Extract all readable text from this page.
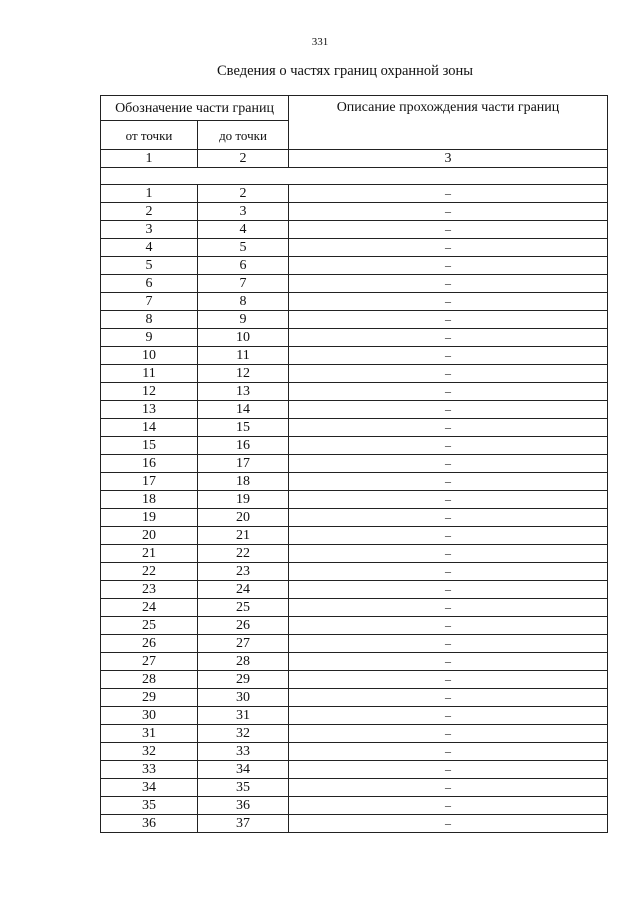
331
Сведения о частях границ охранной зоны
Обозначение части границ		Описание прохождения части границ
от точки	до точки	
1	2	3

1	2	–
2	3	–
3	4	–
4	5	–
5	6	–
6	7	–
7	8	–
8	9	–
9	10	–
10	11	–
11	12	–
12	13	–
13	14	–
14	15	–
15	16	–
16	17	–
17	18	–
18	19	–
19	20	–
20	21	–
21	22	–
22	23	–
23	24	–
24	25	–
25	26	–
26	27	–
27	28	–
28	29	–
29	30	–
30	31	–
31	32	–
32	33	–
33	34	–
34	35	–
35	36	–
36	37	–
